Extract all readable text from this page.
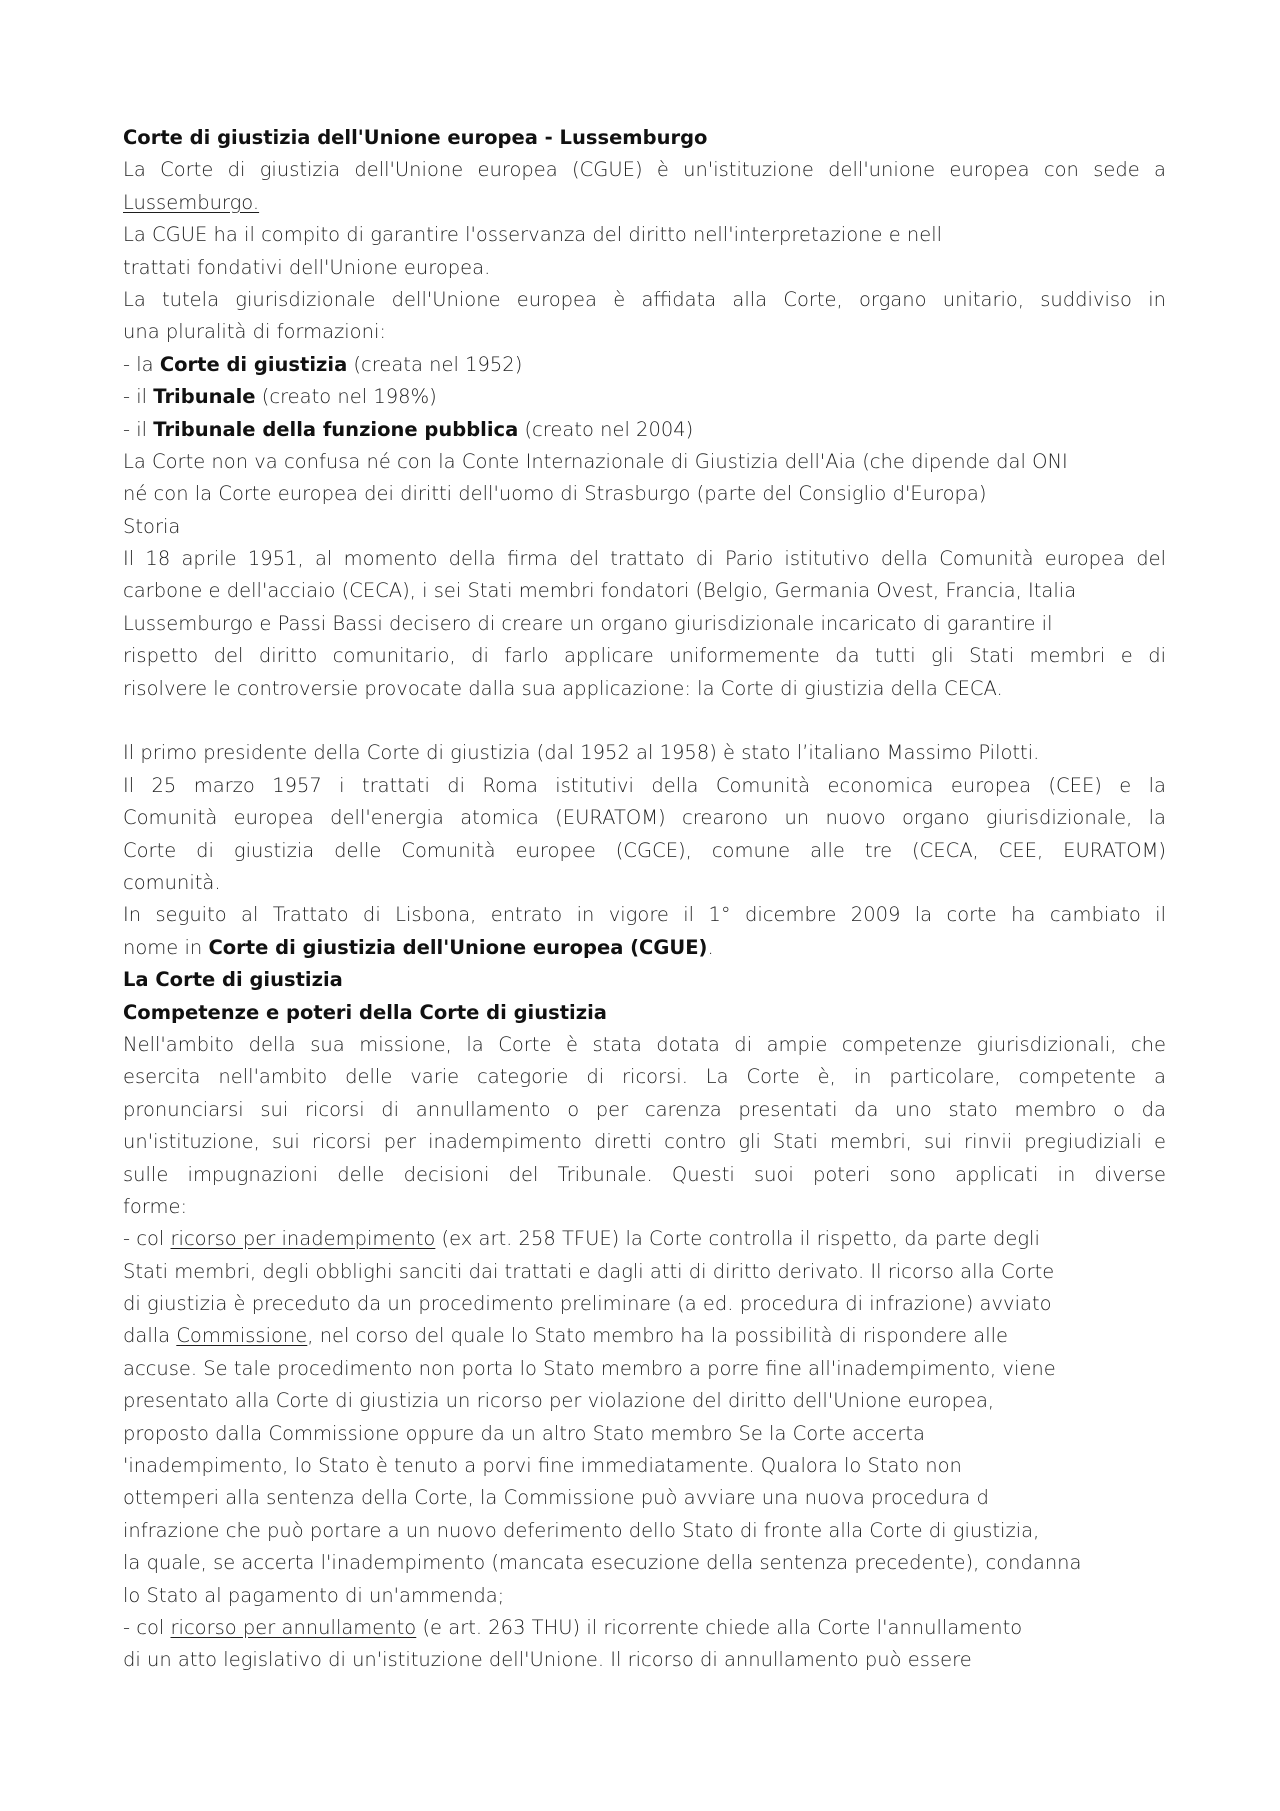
Corte di giustizia dell'Unione europea - Lussemburgo
La Corte di giustizia dell'Unione europea (CGUE) è un'istituzione dell'unione europea con sede a
Lussemburgo.
La CGUE ha il compito di garantire l'osservanza del diritto nell'interpretazione e nell
trattati fondativi dell'Unione europea.
La tutela giurisdizionale dell'Unione europea è affidata alla Corte, organo unitario, suddiviso in
una pluralità di formazioni:
- la Corte di giustizia (creata nel 1952)
- il Tribunale (creato nel 198%)
- il Tribunale della funzione pubblica (creato nel 2004)
La Corte non va confusa né con la Conte Internazionale di Giustizia dell'Aia (che dipende dal ONI
né con la Corte europea dei diritti dell'uomo di Strasburgo (parte del Consiglio d'Europa)
Storia
Il 18 aprile 1951, al momento della firma del trattato di Pario istitutivo della Comunità europea del
carbone e dell'acciaio (CECA), i sei Stati membri fondatori (Belgio, Germania Ovest, Francia, Italia
Lussemburgo e Passi Bassi decisero di creare un organo giurisdizionale incaricato di garantire il
rispetto del diritto comunitario, di farlo applicare uniformemente da tutti gli Stati membri e di
risolvere le controversie provocate dalla sua applicazione: la Corte di giustizia della CECA.
Il primo presidente della Corte di giustizia (dal 1952 al 1958) è stato l’italiano Massimo Pilotti.
Il 25 marzo 1957 i trattati di Roma istitutivi della Comunità economica europea (CEE) e la
Comunità europea dell'energia atomica (EURATOM) crearono un nuovo organo giurisdizionale, la
Corte di giustizia delle Comunità europee (CGCE), comune alle tre (CECA, CEE, EURATOM)
comunità.
In seguito al Trattato di Lisbona, entrato in vigore il 1° dicembre 2009 la corte ha cambiato il
nome in Corte di giustizia dell'Unione europea (CGUE).
La Corte di giustizia
Competenze e poteri della Corte di giustizia
Nell'ambito della sua missione, la Corte è stata dotata di ampie competenze giurisdizionali, che
esercita nell'ambito delle varie categorie di ricorsi. La Corte è, in particolare, competente a
pronunciarsi sui ricorsi di annullamento o per carenza presentati da uno stato membro o da
un'istituzione, sui ricorsi per inadempimento diretti contro gli Stati membri, sui rinvii pregiudiziali e
sulle impugnazioni delle decisioni del Tribunale. Questi suoi poteri sono applicati in diverse
forme:
- col ricorso per inadempimento (ex art. 258 TFUE) la Corte controlla il rispetto, da parte degli
Stati membri, degli obblighi sanciti dai trattati e dagli atti di diritto derivato. Il ricorso alla Corte
di giustizia è preceduto da un procedimento preliminare (a ed. procedura di infrazione) avviato
dalla Commissione, nel corso del quale lo Stato membro ha la possibilità di rispondere alle
accuse. Se tale procedimento non porta lo Stato membro a porre fine all'inadempimento, viene
presentato alla Corte di giustizia un ricorso per violazione del diritto dell'Unione europea,
proposto dalla Commissione oppure da un altro Stato membro Se la Corte accerta
'inadempimento, lo Stato è tenuto a porvi fine immediatamente. Qualora lo Stato non
ottemperi alla sentenza della Corte, la Commissione può avviare una nuova procedura d
infrazione che può portare a un nuovo deferimento dello Stato di fronte alla Corte di giustizia,
la quale, se accerta l'inadempimento (mancata esecuzione della sentenza precedente), condanna
lo Stato al pagamento di un'ammenda;
- col ricorso per annullamento (e art. 263 THU) il ricorrente chiede alla Corte l'annullamento
di un atto legislativo di un'istituzione dell'Unione. Il ricorso di annullamento può essere
